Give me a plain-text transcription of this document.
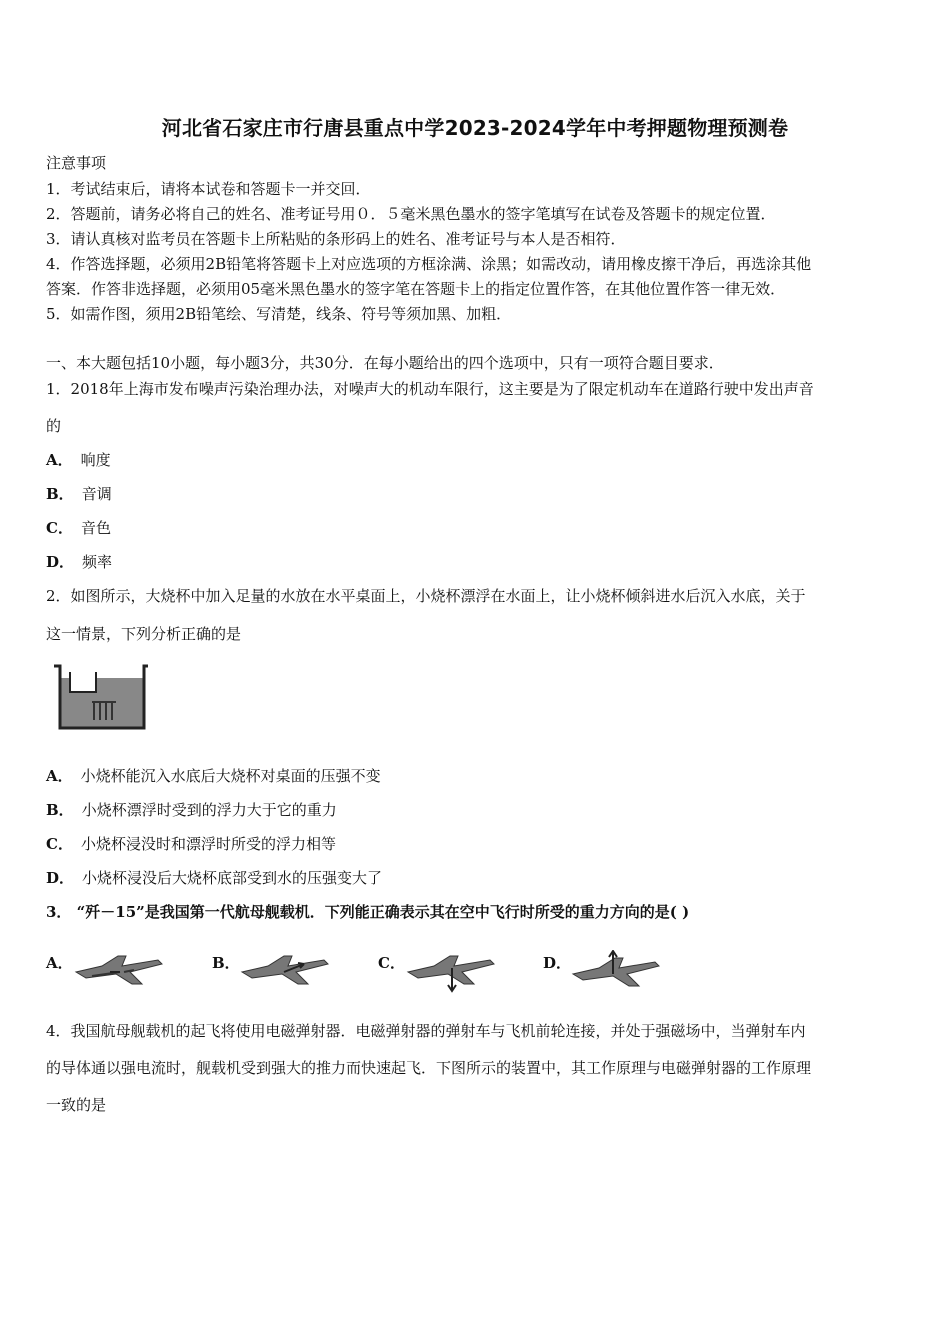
河北省石家庄市行唐县重点中学2023-2024学年中考押题物理预测卷
注意事项
1．考试结束后，请将本试卷和答题卡一并交回．
2．答题前，请务必将自己的姓名、准考证号用０．５毫米黑色墨水的签字笔填写在试卷及答题卡的规定位置．
3．请认真核对监考员在答题卡上所粘贴的条形码上的姓名、准考证号与本人是否相符．
4．作答选择题，必须用2B铅笔将答题卡上对应选项的方框涂满、涂黑；如需改动，请用橡皮擦干净后，再选涂其他
答案．作答非选择题，必须用05毫米黑色墨水的签字笔在答题卡上的指定位置作答，在其他位置作答一律无效．
5．如需作图，须用2B铅笔绘、写清楚，线条、符号等须加黑、加粗．
一、本大题包括10小题，每小题3分，共30分．在每小题给出的四个选项中，只有一项符合题目要求．
1．2018年上海市发布噪声污染治理办法，对噪声大的机动车限行，这主要是为了限定机动车在道路行驶中发出声音
的
A． 响度
B． 音调
C． 音色
D． 频率
2．如图所示，大烧杯中加入足量的水放在水平桌面上，小烧杯漂浮在水面上，让小烧杯倾斜进水后沉入水底，关于
这一情景，下列分析正确的是
A． 小烧杯能沉入水底后大烧杯对桌面的压强不变
B． 小烧杯漂浮时受到的浮力大于它的重力
C． 小烧杯浸没时和漂浮时所受的浮力相等
D． 小烧杯浸没后大烧杯底部受到水的压强变大了
3． “歼－15”是我国第一代航母舰载机．下列能正确表示其在空中飞行时所受的重力方向的是( )
A．	B．	C．	D．
4．我国航母舰载机的起飞将使用电磁弹射器．电磁弹射器的弹射车与飞机前轮连接，并处于强磁场中，当弹射车内
的导体通以强电流时，舰载机受到强大的推力而快速起飞．下图所示的装置中，其工作原理与电磁弹射器的工作原理
一致的是
